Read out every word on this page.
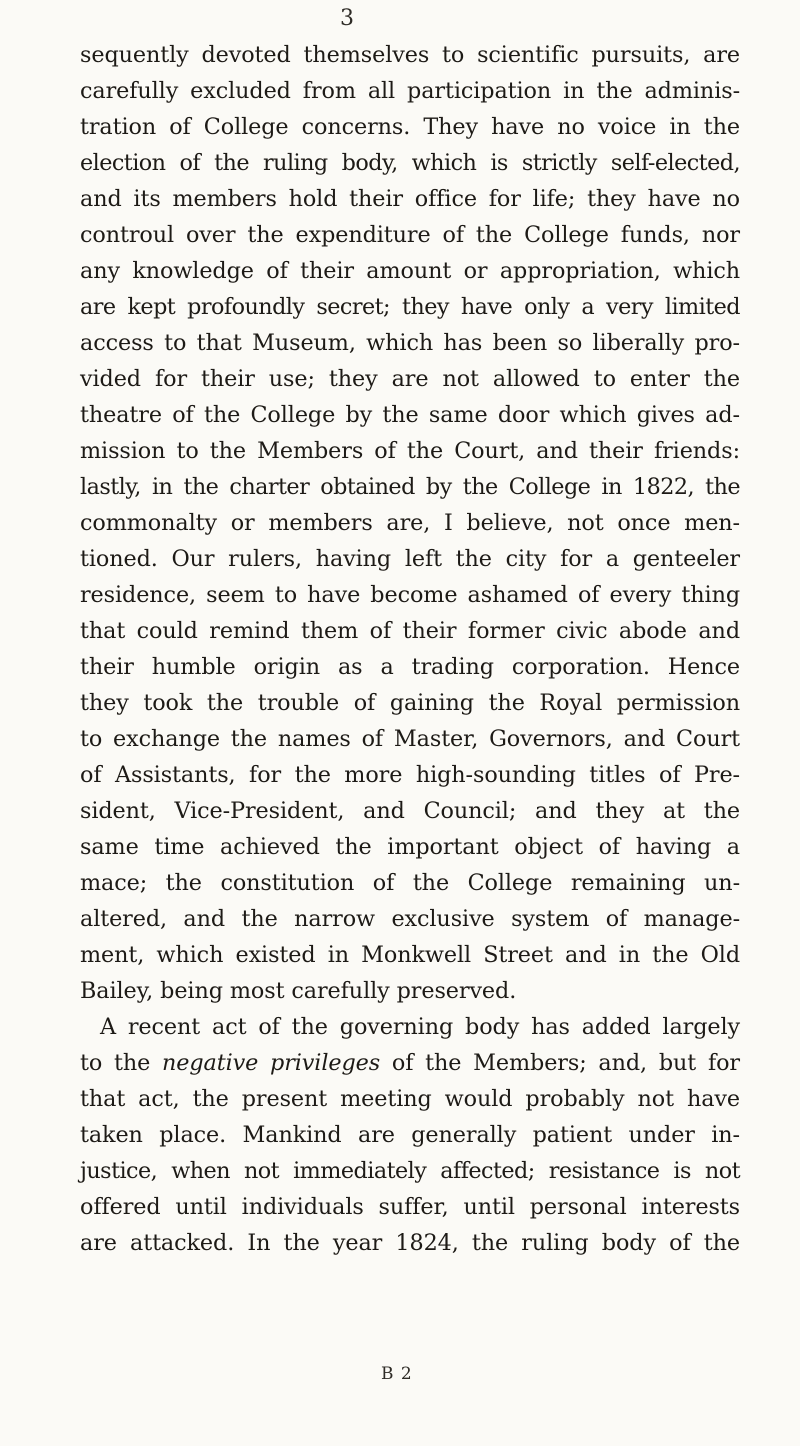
3
sequently devoted themselves to scientific pursuits, are
carefully excluded from all participation in the adminis-
tration of College concerns. They have no voice in the
election of the ruling body, which is strictly self-elected,
and its members hold their office for life; they have no
controul over the expenditure of the College funds, nor
any knowledge of their amount or appropriation, which
are kept profoundly secret; they have only a very limited
access to that Museum, which has been so liberally pro-
vided for their use; they are not allowed to enter the
theatre of the College by the same door which gives ad-
mission to the Members of the Court, and their friends:
lastly, in the charter obtained by the College in 1822, the
commonalty or members are, I believe, not once men-
tioned. Our rulers, having left the city for a genteeler
residence, seem to have become ashamed of every thing
that could remind them of their former civic abode and
their humble origin as a trading corporation. Hence
they took the trouble of gaining the Royal permission
to exchange the names of Master, Governors, and Court
of Assistants, for the more high-sounding titles of Pre-
sident, Vice-President, and Council; and they at the
same time achieved the important object of having a
mace; the constitution of the College remaining un-
altered, and the narrow exclusive system of manage-
ment, which existed in Monkwell Street and in the Old
Bailey, being most carefully preserved.
A recent act of the governing body has added largely
to the negative privileges of the Members; and, but for
that act, the present meeting would probably not have
taken place. Mankind are generally patient under in-
justice, when not immediately affected; resistance is not
offered until individuals suffer, until personal interests
are attacked. In the year 1824, the ruling body of the
B 2
